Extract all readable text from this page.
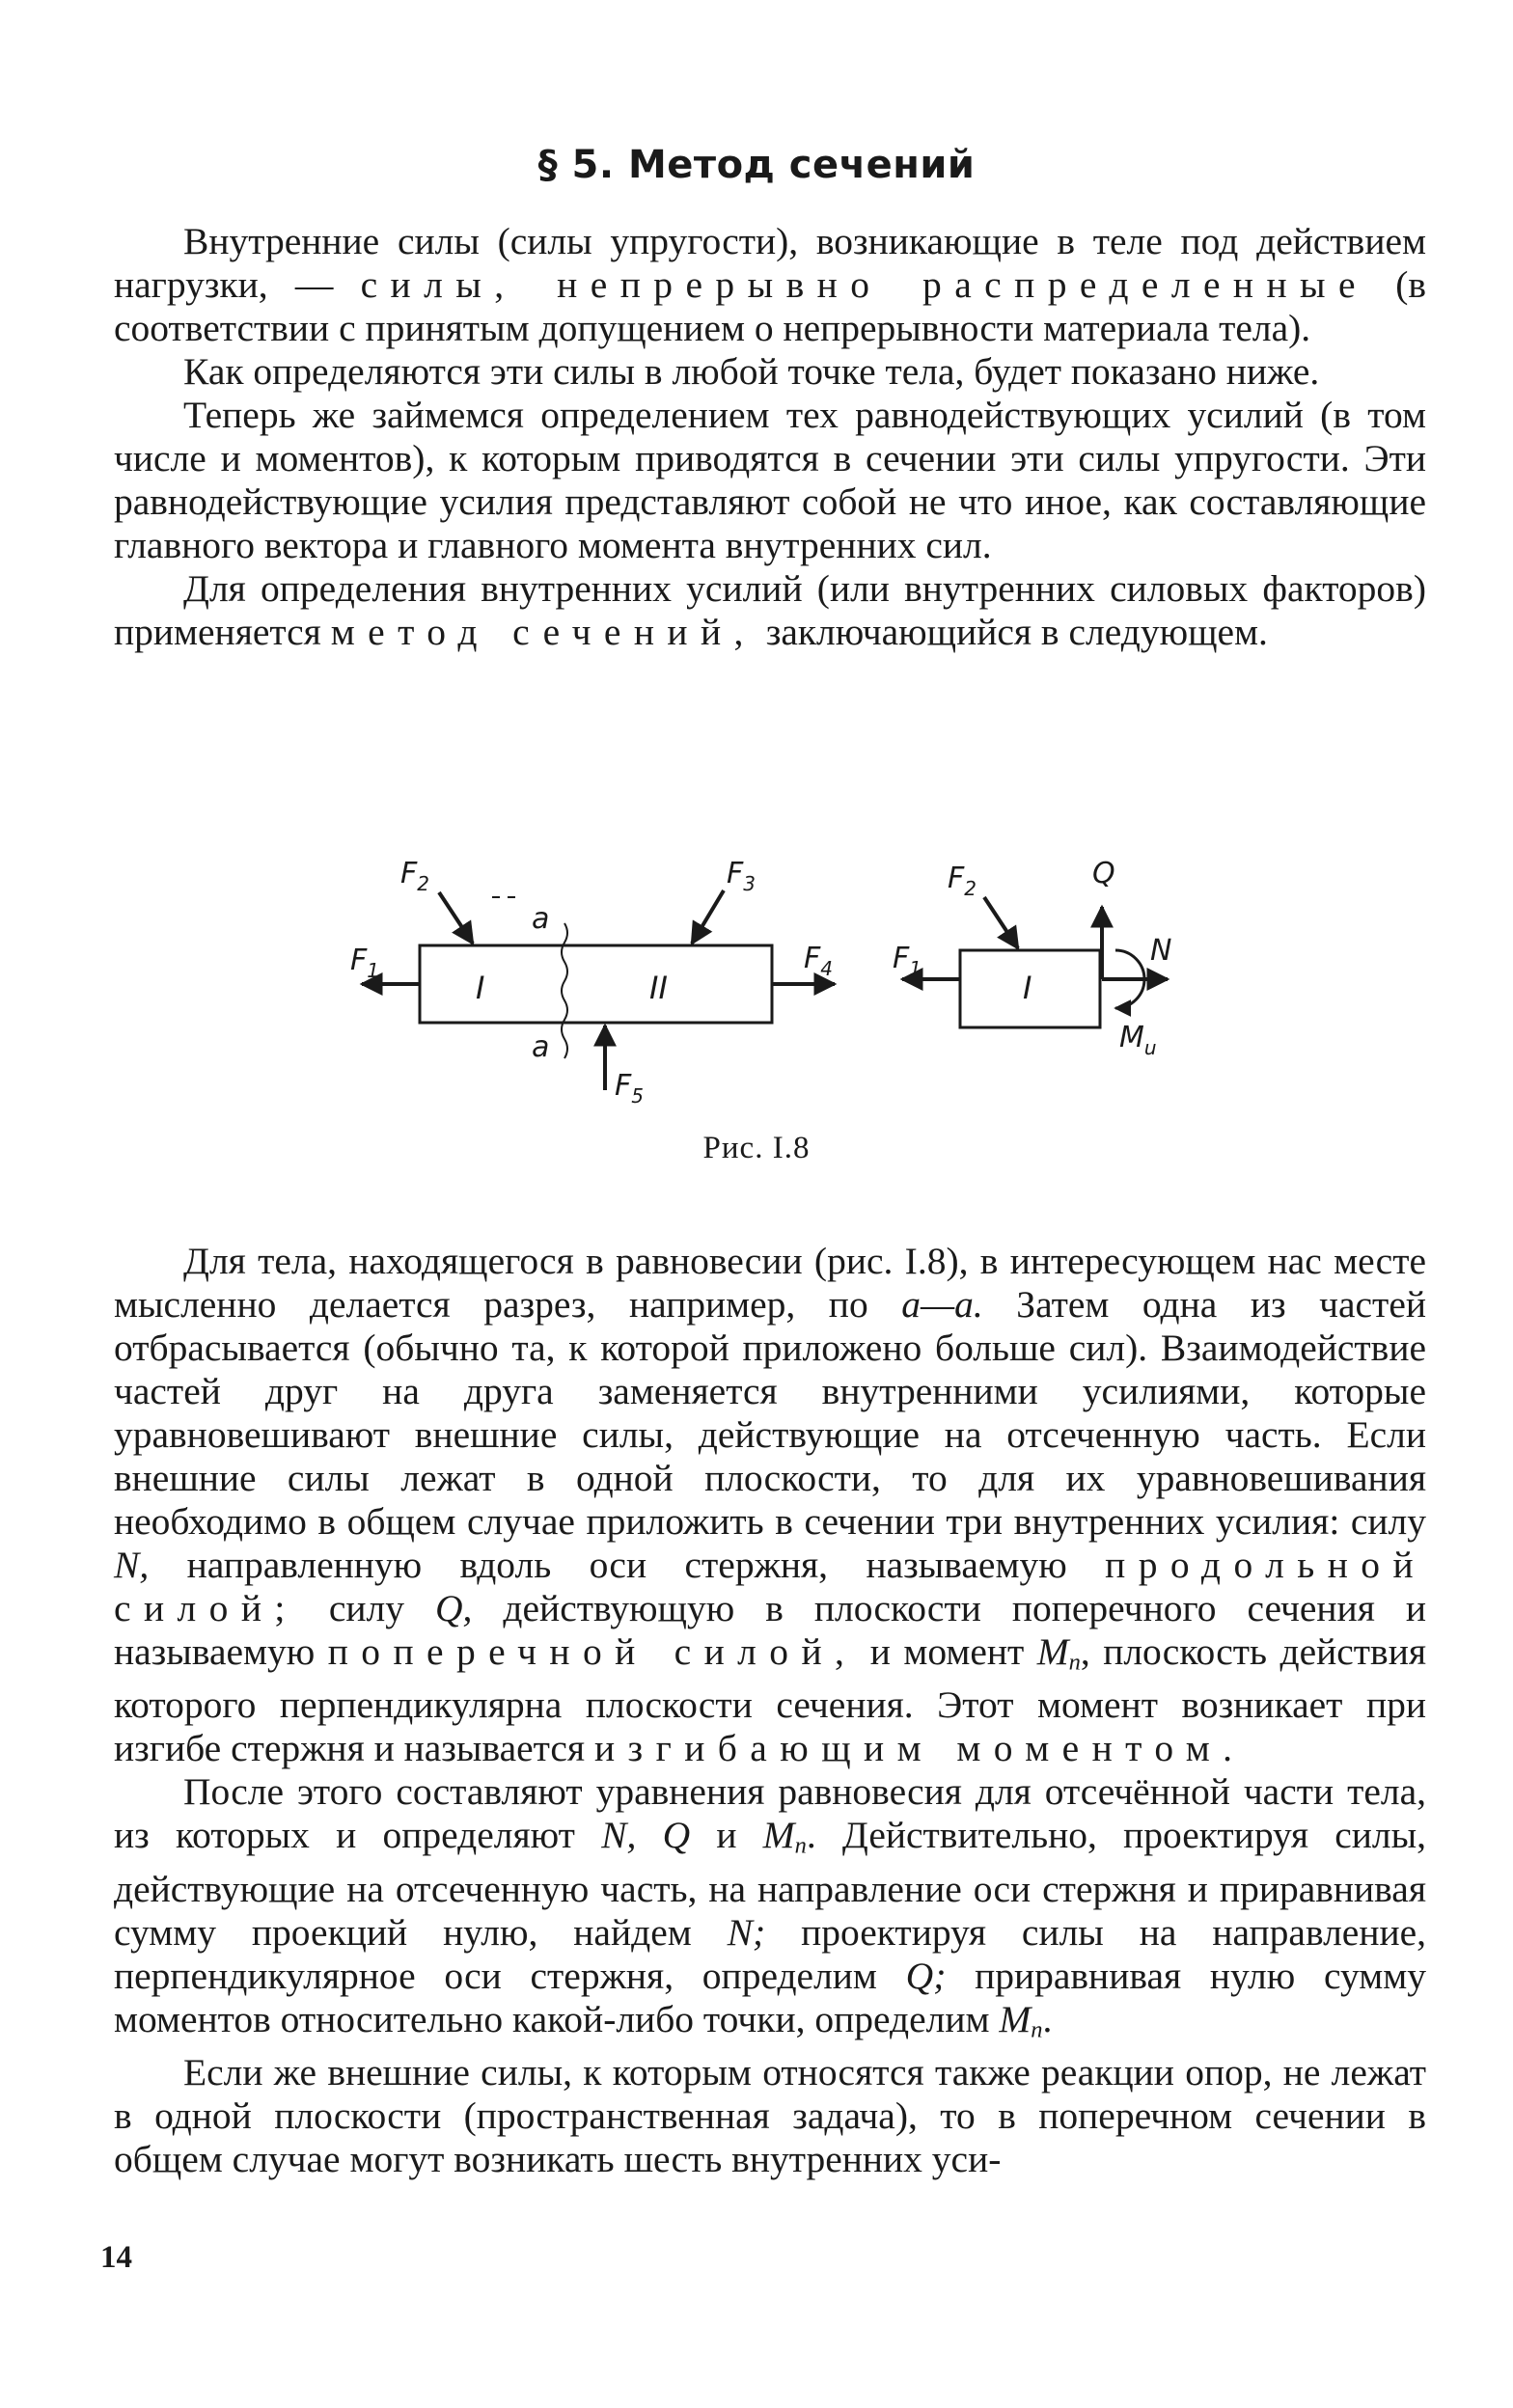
§ 5. Метод сечений

Внутренние силы (силы упругости), возникающие в теле под действием нагрузки, — силы, непрерывно распределенные (в соответствии с принятым допущением о непрерывности материала тела).

Как определяются эти силы в любой точке тела, будет показано ниже.

Теперь же займемся определением тех равнодействующих усилий (в том числе и моментов), к которым приводятся в сечении эти силы упругости. Эти равнодействующие усилия представляют собой не что иное, как составляющие главного вектора и главного момента внутренних сил.

Для определения внутренних усилий (или внутренних силовых факторов) применяется метод сечений, заключающийся в следующем.

a
a
I	II
$F_1$
$F_2$	$F_3$
$F_4$
$F_5$
I
$F_1$
$F_2$	Q
N
$M_u$
Рис. I.8

Для тела, находящегося в равновесии (рис. I.8), в интересующем нас месте мысленно делается разрез, например, по a—a. Затем одна из частей отбрасывается (обычно та, к которой приложено больше сил). Взаимодействие частей друг на друга заменяется внутренними усилиями, которые уравновешивают внешние силы, действующие на отсеченную часть. Если внешние силы лежат в одной плоскости, то для их уравновешивания необходимо в общем случае приложить в сечении три внутренних усилия: силу N, направленную вдоль оси стержня, называемую продольной силой; силу Q, действующую в плоскости поперечного сечения и называемую поперечной силой, и момент $M_п$, плоскость действия которого перпендикулярна плоскости сечения. Этот момент возникает при изгибе стержня и называется изгибающим моментом.

После этого составляют уравнения равновесия для отсечённой части тела, из которых и определяют N, Q и $M_п$. Действительно, проектируя силы, действующие на отсеченную часть, на направление оси стержня и приравнивая сумму проекций нулю, найдем N; проектируя силы на направление, перпендикулярное оси стержня, определим Q; приравнивая нулю сумму моментов относительно какой-либо точки, определим $M_п$.

Если же внешние силы, к которым относятся также реакции опор, не лежат в одной плоскости (пространственная задача), то в поперечном сечении в общем случае могут возникать шесть внутренних уси-

14
